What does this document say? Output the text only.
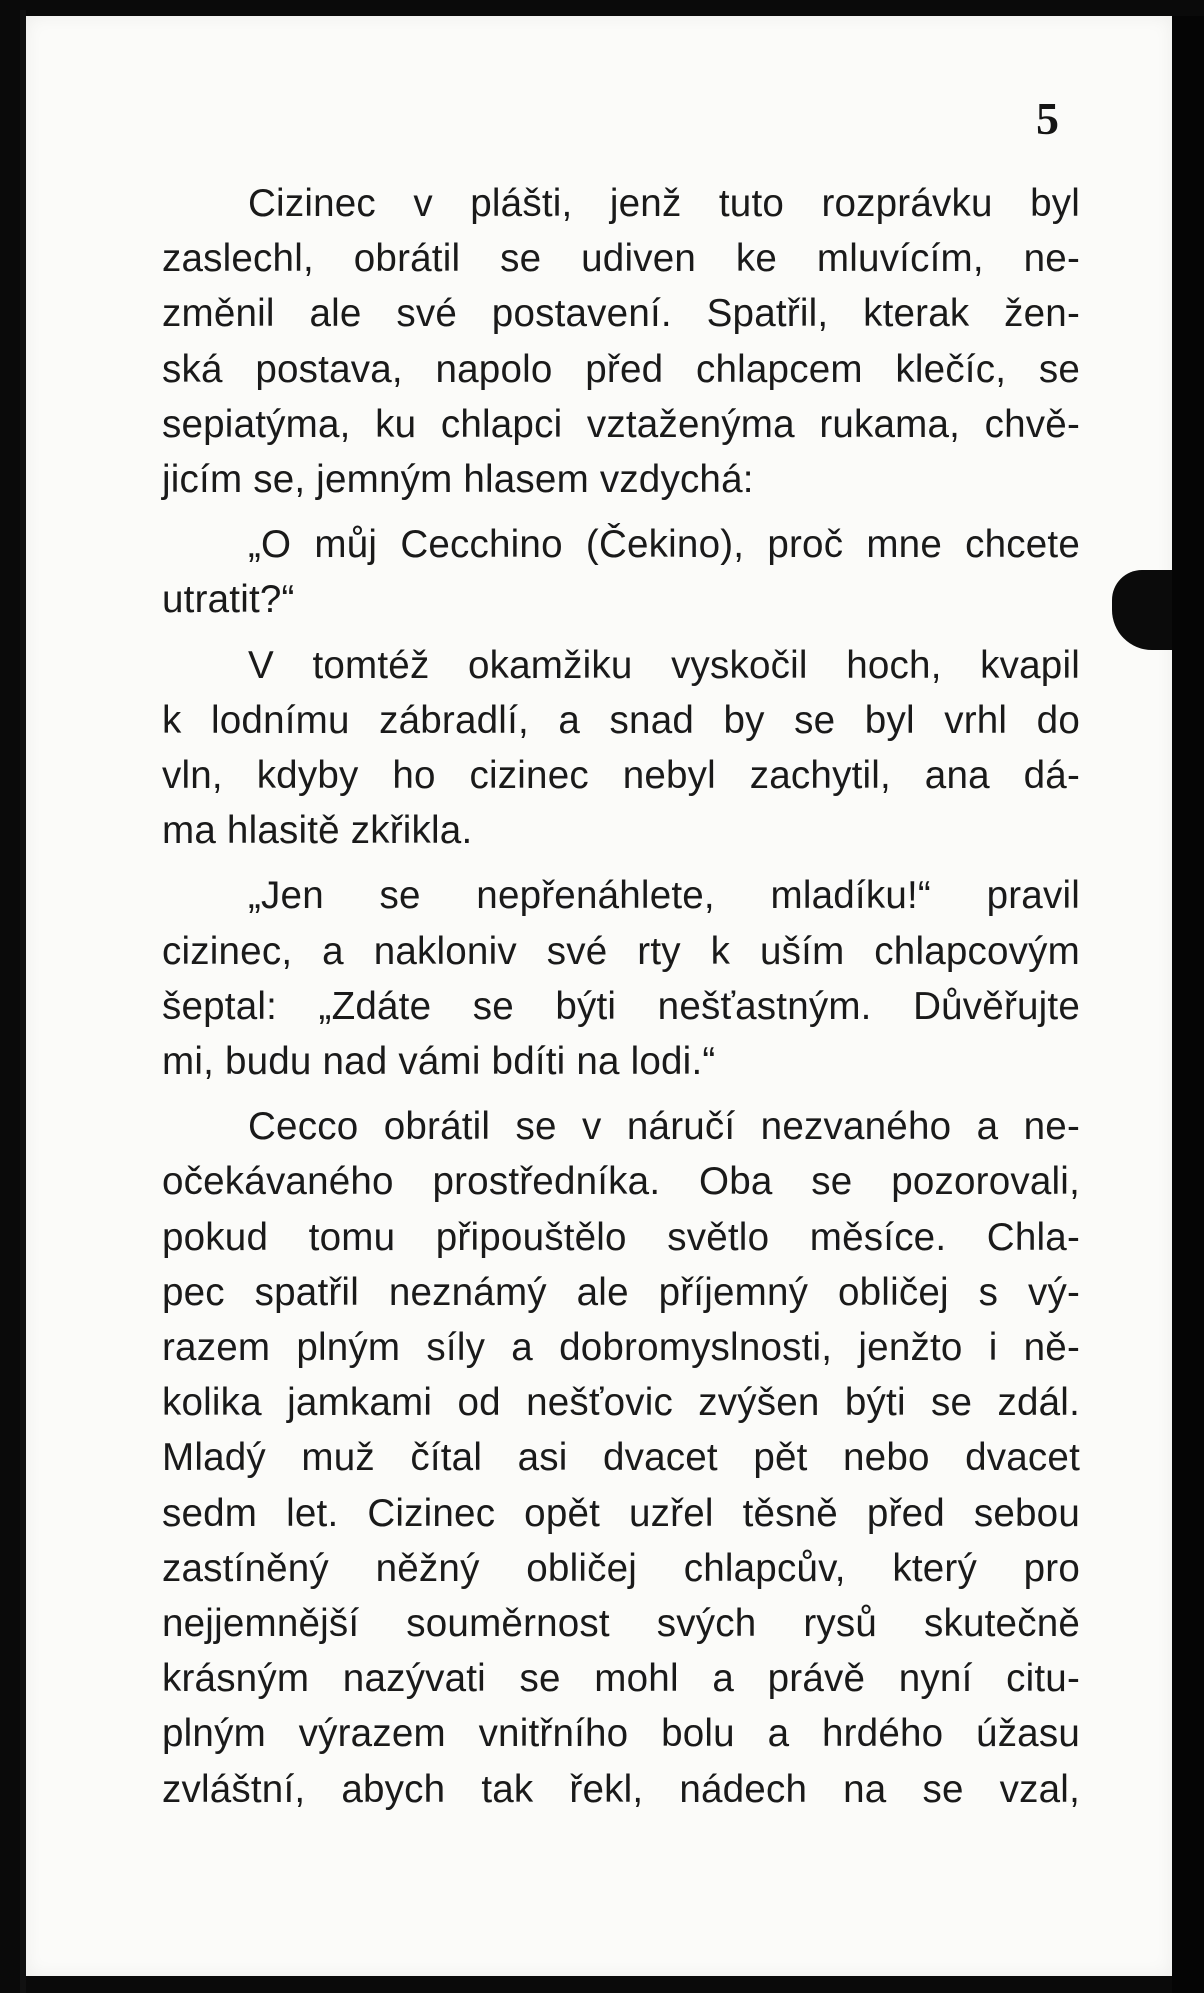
5

Cizinec v plášti, jenž tuto rozprávku byl
zaslechl, obrátil se udiven ke mluvícím, ne-
změnil ale své postavení. Spatřil, kterak žen-
ská postava, napolo před chlapcem klečíc, se
sepiatýma, ku chlapci vztaženýma rukama, chvě-
jicím se, jemným hlasem vzdychá:

„O můj Cecchino (Čekino), proč mne chcete
utratit?“

V tomtéž okamžiku vyskočil hoch, kvapil
k lodnímu zábradlí, a snad by se byl vrhl do
vln, kdyby ho cizinec nebyl zachytil, ana dá-
ma hlasitě zkřikla.

„Jen se nepřenáhlete, mladíku!“ pravil
cizinec, a nakloniv své rty k uším chlapcovým
šeptal: „Zdáte se býti nešťastným. Důvěřujte
mi, budu nad vámi bdíti na lodi.“

Cecco obrátil se v náručí nezvaného a ne-
očekávaného prostředníka. Oba se pozorovali,
pokud tomu připouštělo světlo měsíce. Chla-
pec spatřil neznámý ale příjemný obličej s vý-
razem plným síly a dobromyslnosti, jenžto i ně-
kolika jamkami od nešťovic zvýšen býti se zdál.
Mladý muž čítal asi dvacet pět nebo dvacet
sedm let. Cizinec opět uzřel těsně před sebou
zastíněný něžný obličej chlapcův, který pro
nejjemnější souměrnost svých rysů skutečně
krásným nazývati se mohl a právě nyní citu-
plným výrazem vnitřního bolu a hrdého úžasu
zvláštní, abych tak řekl, nádech na se vzal,
